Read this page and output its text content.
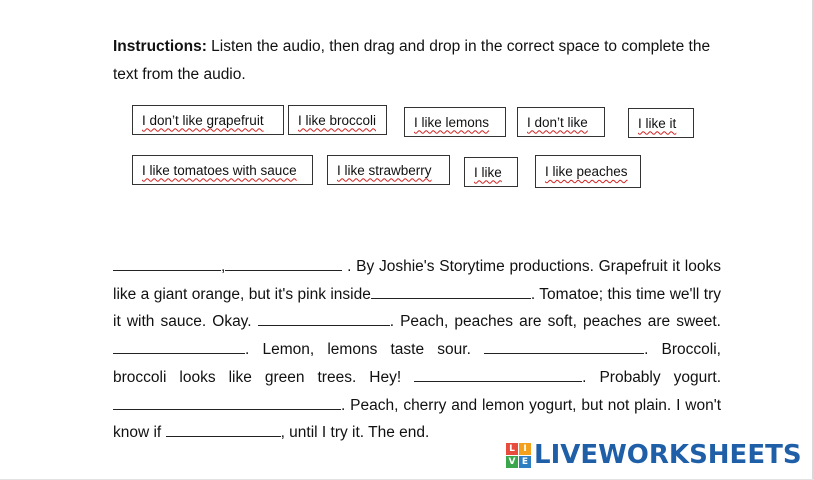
Instructions: Listen the audio, then drag and drop in the correct space to complete the text from the audio.
I don’t like grapefruit	I like broccoli	I like lemons	I don’t like	I like it
I like tomatoes with sauce	I like strawberry	I like	I like peaches
,	. By Joshie's Storytime productions. Grapefruit it looks like a giant orange, but it's pink inside	. Tomatoe; this time we'll try it with sauce. Okay.	. Peach, peaches are soft, peaches are sweet. . Lemon, lemons taste sour.	. Broccoli, broccoli looks like green trees. Hey!	. Probably yogurt. . Peach, cherry and lemon yogurt, but not plain. I won't know if	, until I try it. The end.
L I
V E LIVEWORKSHEETS
